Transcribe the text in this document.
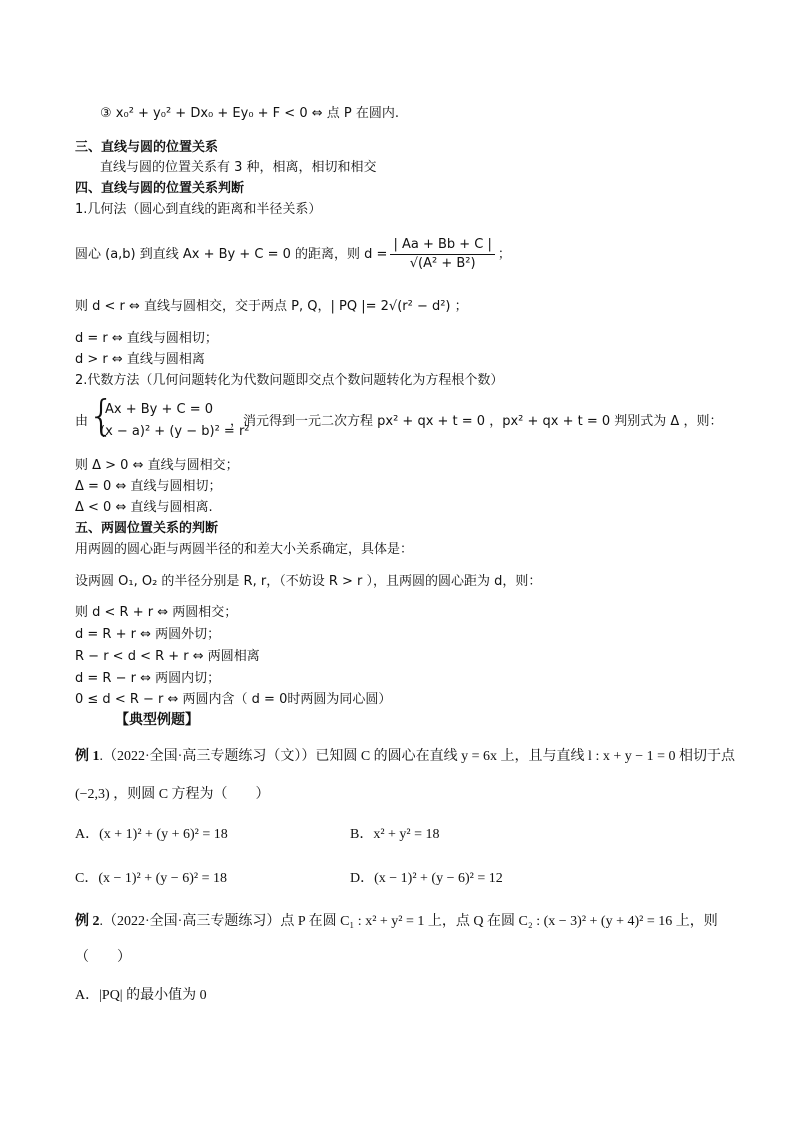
③ x₀² + y₀² + Dx₀ + Ey₀ + F < 0 ⇔ 点 P 在圆内.
三、直线与圆的位置关系
直线与圆的位置关系有 3 种，相离，相切和相交
四、直线与圆的位置关系判断
1.几何法（圆心到直线的距离和半径关系）
圆心 (a,b) 到直线 Ax + By + C = 0 的距离，则 $d = \frac{| Aa + Bb + C |}{\text{√(A² + B²)}}$ ；
则 d < r ⇔ 直线与圆相交，交于两点 P, Q，| PQ |= 2√(r² − d²) ；
d = r ⇔ 直线与圆相切；
d > r ⇔ 直线与圆相离
2.代数方法（几何问题转化为代数问题即交点个数问题转化为方程根个数）
由 {
Ax + By + C = 0
(x − a)² + (y − b)² = r²
，消元得到一元二次方程 px² + qx + t = 0 ，px² + qx + t = 0 判别式为 Δ ，则：
则 Δ > 0 ⇔ 直线与圆相交；
Δ = 0 ⇔ 直线与圆相切；
Δ < 0 ⇔ 直线与圆相离.
五、两圆位置关系的判断
用两圆的圆心距与两圆半径的和差大小关系确定，具体是：
设两圆 O₁, O₂ 的半径分别是 R, r，（不妨设 R > r ），且两圆的圆心距为 d，则：
则 d < R + r ⇔ 两圆相交；
d = R + r ⇔ 两圆外切；
R − r < d < R + r ⇔ 两圆相离
d = R − r ⇔ 两圆内切；
0 ≤ d < R − r ⇔ 两圆内含（ d = 0时两圆为同心圆）
【典型例题】
例 1.（2022·全国·高三专题练习（文））已知圆 C 的圆心在直线 y = 6x 上，且与直线 l : x + y − 1 = 0 相切于点
(−2,3) ，则圆 C 方程为（　　）
A．(x + 1)² + (y + 6)² = 18	B．x² + y² = 18
C．(x − 1)² + (y − 6)² = 18	D．(x − 1)² + (y − 6)² = 12
例 2.（2022·全国·高三专题练习）点 P 在圆 C₁ : x² + y² = 1 上，点 Q 在圆 C₂ : (x − 3)² + (y + 4)² = 16 上，则
（　　）
A．|PQ| 的最小值为 0
